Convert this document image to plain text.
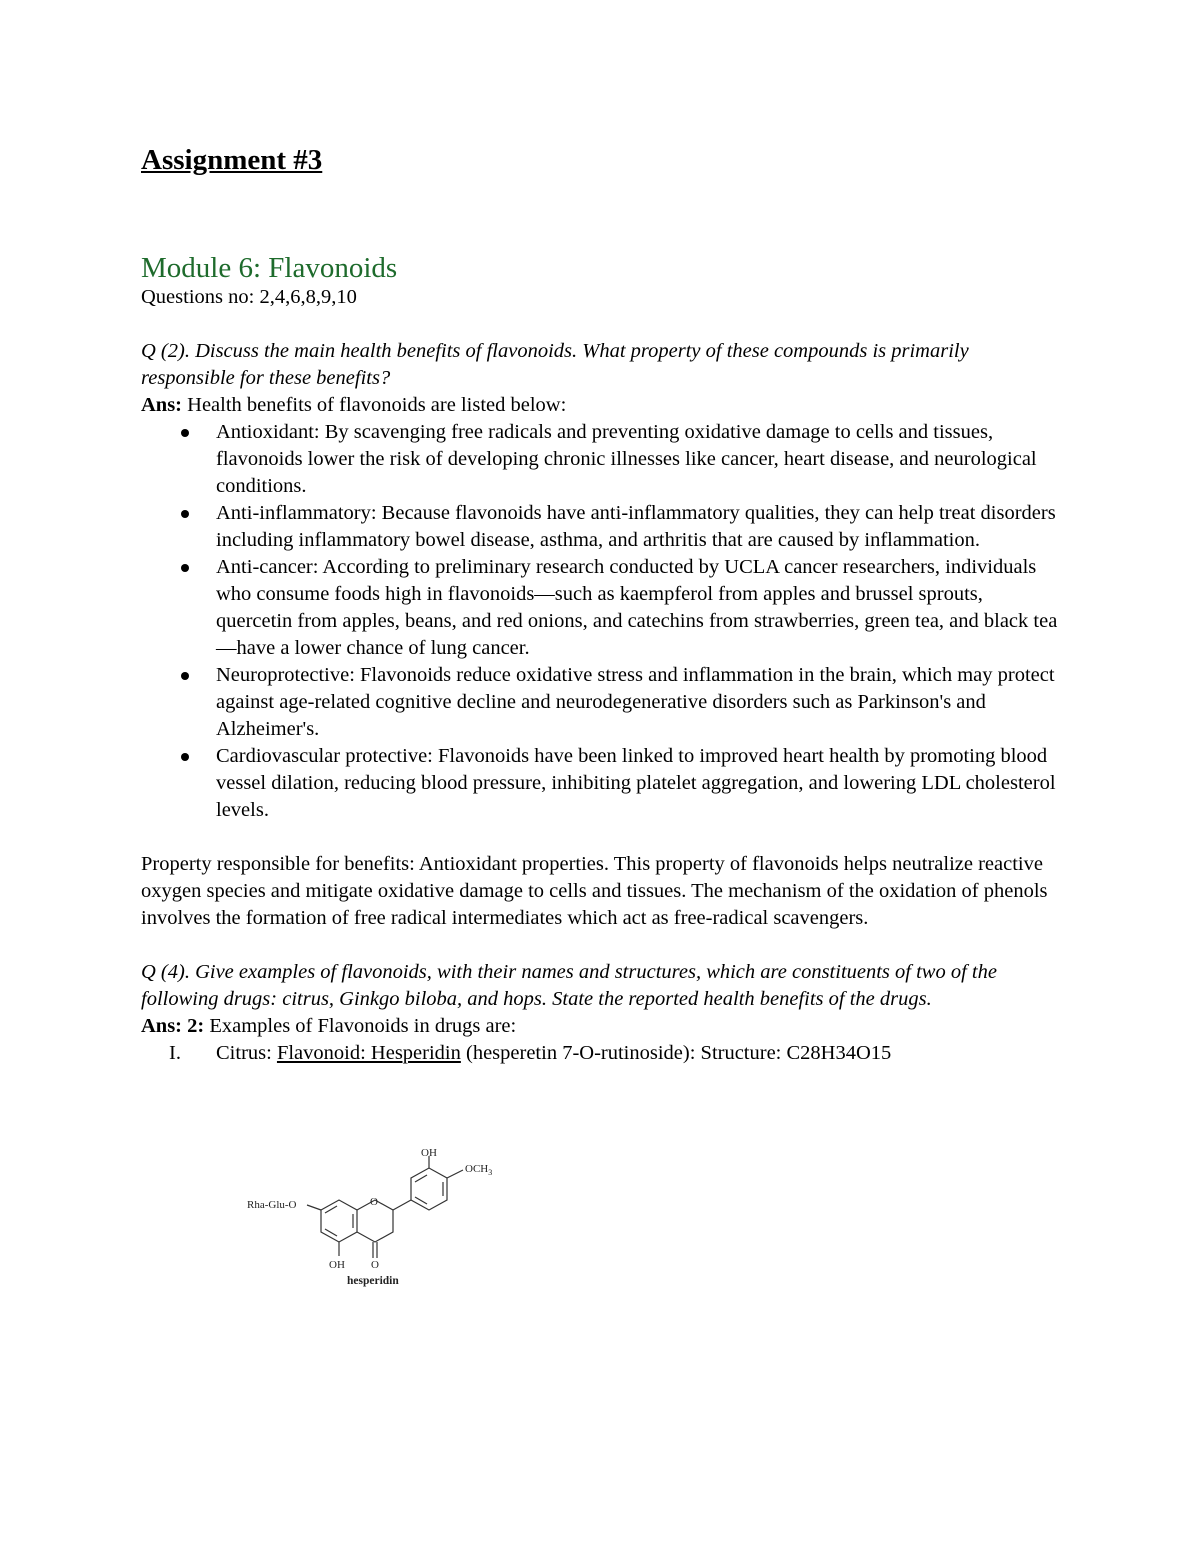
Assignment #3
Module 6: Flavonoids

Questions no: 2,4,6,8,9,10

Q (2). Discuss the main health benefits of flavonoids. What property of these compounds is primarily responsible for these benefits?

Ans: Health benefits of flavonoids are listed below:

Antioxidant: By scavenging free radicals and preventing oxidative damage to cells and tissues, flavonoids lower the risk of developing chronic illnesses like cancer, heart disease, and neurological conditions.
Anti-inflammatory: Because flavonoids have anti-inflammatory qualities, they can help treat disorders including inflammatory bowel disease, asthma, and arthritis that are caused by inflammation.
Anti-cancer: According to preliminary research conducted by UCLA cancer researchers, individuals who consume foods high in flavonoids—such as kaempferol from apples and brussel sprouts, quercetin from apples, beans, and red onions, and catechins from strawberries, green tea, and black tea—have a lower chance of lung cancer.
Neuroprotective: Flavonoids reduce oxidative stress and inflammation in the brain, which may protect against age-related cognitive decline and neurodegenerative disorders such as Parkinson's and Alzheimer's.
Cardiovascular protective: Flavonoids have been linked to improved heart health by promoting blood vessel dilation, reducing blood pressure, inhibiting platelet aggregation, and lowering LDL cholesterol levels.

Property responsible for benefits: Antioxidant properties. This property of flavonoids helps neutralize reactive oxygen species and mitigate oxidative damage to cells and tissues. The mechanism of the oxidation of phenols involves the formation of free radical intermediates which act as free-radical scavengers.

Q (4). Give examples of flavonoids, with their names and structures, which are constituents of two of the following drugs: citrus, Ginkgo biloba, and hops. State the reported health benefits of the drugs.

Ans: 2: Examples of Flavonoids in drugs are:

I. Citrus: Flavonoid: Hesperidin (hesperetin 7-O-rutinoside): Structure: C28H34O15
OH
$OCH_3$
Rha-Glu-O	O
OH O
hesperidin
